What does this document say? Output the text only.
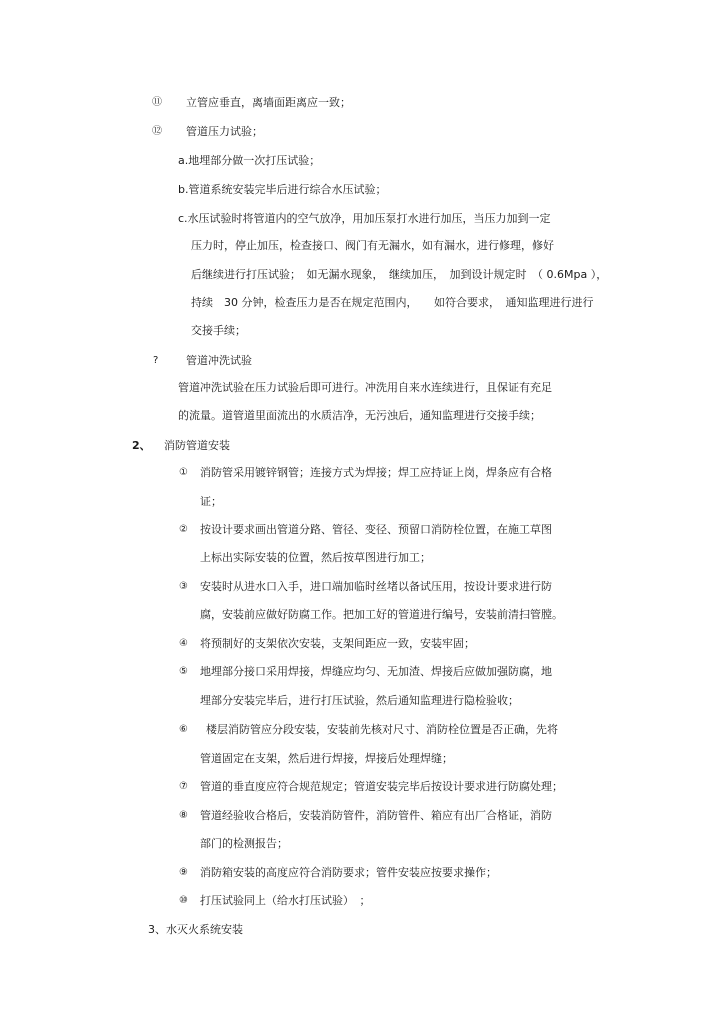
⑪ 立管应垂直，离墙面距离应一致；

⑫ 管道压力试验；

a.地埋部分做一次打压试验；

b.管道系统安装完毕后进行综合水压试验；

c.水压试验时将管道内的空气放净，用加压泵打水进行加压，当压力加到一定

压力时，停止加压，检查接口、阀门有无漏水，如有漏水，进行修理，修好

后继续进行打压试验；　如无漏水现象，　继续加压，　加到设计规定时　（ 0.6Mpa ），

持续　30 分钟，检查压力是否在规定范围内，　　如符合要求，　通知监理进行进行

交接手续；

?	管道冲洗试验

管道冲洗试验在压力试验后即可进行。冲洗用自来水连续进行，且保证有充足

的流量。道管道里面流出的水质洁净，无污浊后，通知监理进行交接手续；

2、 消防管道安装

① 消防管采用镀锌钢管；连接方式为焊接；焊工应持证上岗，焊条应有合格

证；

② 按设计要求画出管道分路、管径、变径、预留口消防栓位置，在施工草图

上标出实际安装的位置，然后按草图进行加工；

③ 安装时从进水口入手，进口端加临时丝堵以备试压用，按设计要求进行防

腐，安装前应做好防腐工作。把加工好的管道进行编号，安装前清扫管膛。

④ 将预制好的支架依次安装，支架间距应一致，安装牢固；

⑤ 地埋部分接口采用焊接，焊缝应均匀、无加渣、焊接后应做加强防腐，地

埋部分安装完毕后，进行打压试验，然后通知监理进行隐检验收；

⑥ 楼层消防管应分段安装，安装前先核对尺寸、消防栓位置是否正确，先将

管道固定在支架，然后进行焊接，焊接后处理焊缝；

⑦ 管道的垂直度应符合规范规定；管道安装完毕后按设计要求进行防腐处理；

⑧ 管道经验收合格后，安装消防管件，消防管件、箱应有出厂合格证，消防

部门的检测报告；

⑨ 消防箱安装的高度应符合消防要求；管件安装应按要求操作；

⑩ 打压试验同上（给水打压试验）　；

3、水灭火系统安装
